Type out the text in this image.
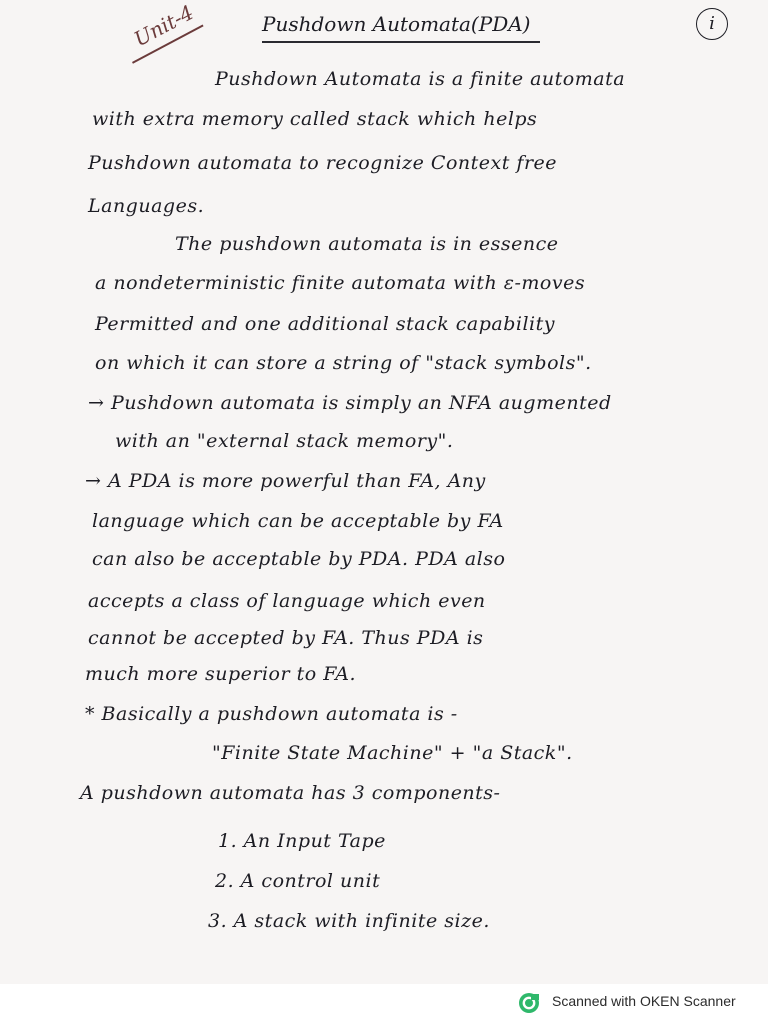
Unit-4	Pushdown Automata(PDA)	i
Pushdown Automata is a finite automata
with extra memory called stack which helps
Pushdown automata to recognize Context free
Languages.
The pushdown automata is in essence
a nondeterministic finite automata with ε-moves
Permitted and one additional stack capability
on which it can store a string of "stack symbols".
→ Pushdown automata is simply an NFA augmented
with an "external stack memory".
→ A PDA is more powerful than FA, Any
language which can be acceptable by FA
can also be acceptable by PDA. PDA also
accepts a class of language which even
cannot be accepted by FA. Thus PDA is
much more superior to FA.
* Basically a pushdown automata is -
"Finite State Machine" + "a Stack".
A pushdown automata has 3 components-
1. An Input Tape
2. A control unit
3. A stack with infinite size.
Scanned with OKEN Scanner
